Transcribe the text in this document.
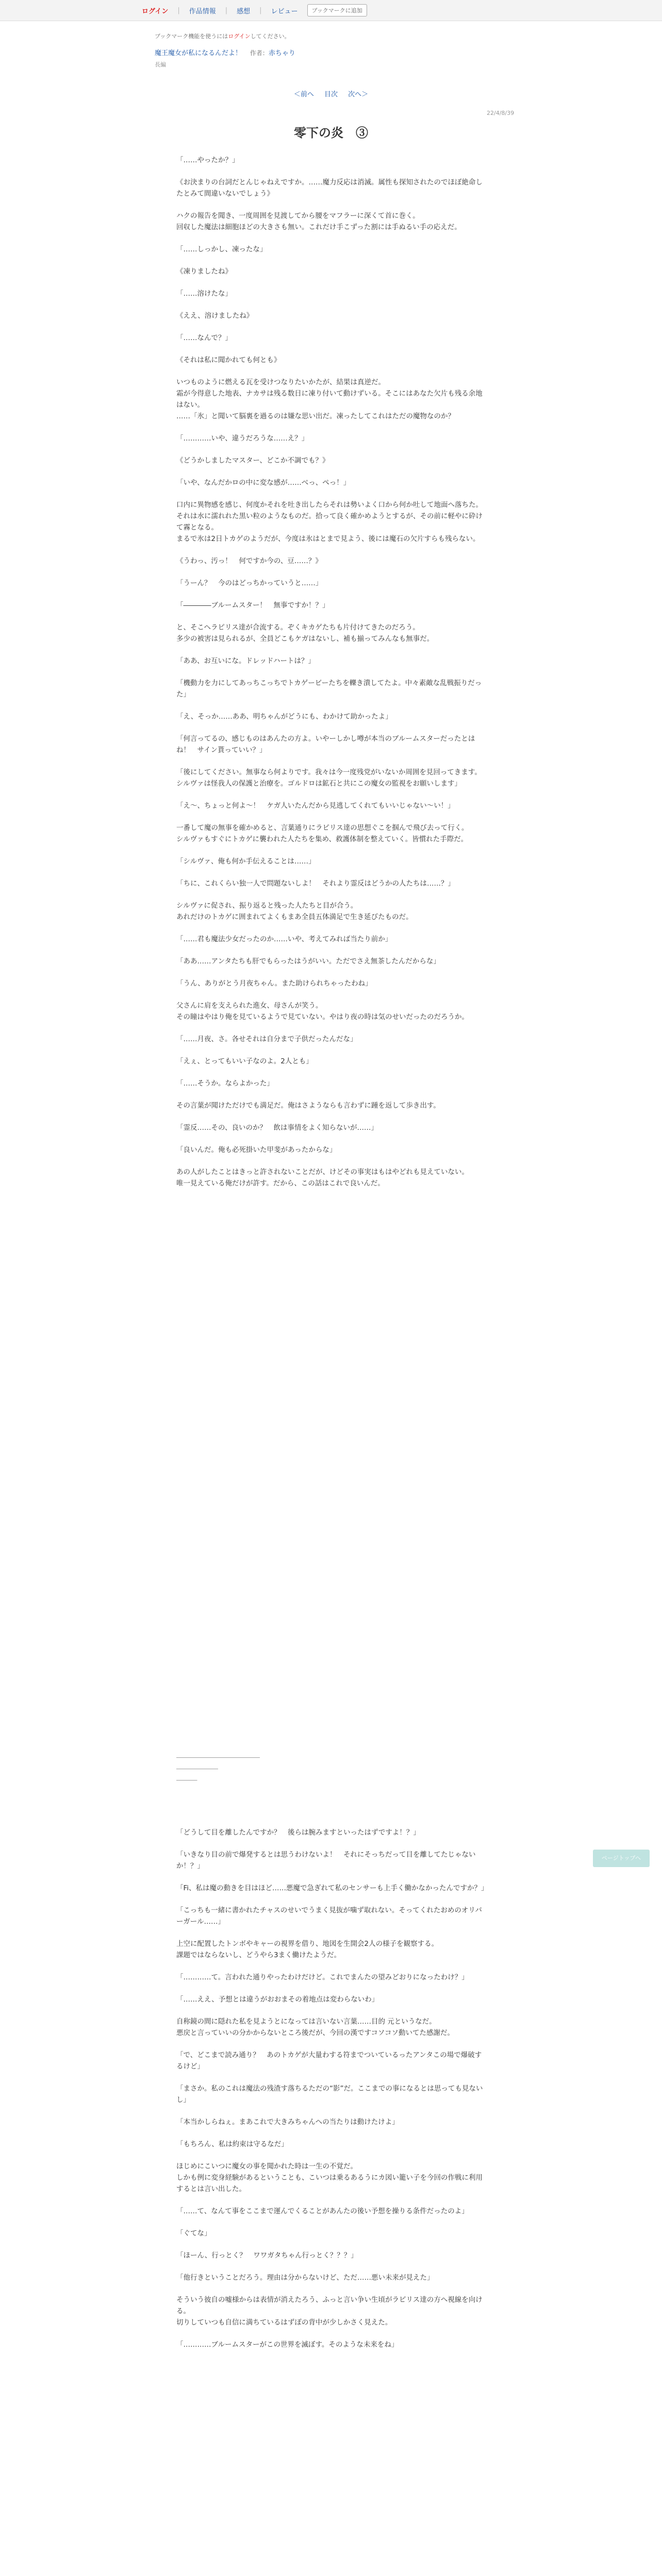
ログイン | 作品情報 | 感想 | レビュー	ブックマークに追加
ブックマーク機能を使うにはログインしてください。
魔王魔女が私になるんだよ！ 作者：赤ちゃり
長編
＜前へ 目次 次へ＞
22/4/8/39
零下の炎　③

「……やったか？」

《お決まりの台詞だとんじゃねえですか。……魔力反応は消滅。属性も探知されたのでほぼ絶命したとみて間違いないでしょう》

ハクの報告を聞き、一度周囲を見渡してから腰をマフラーに深くて首に巻く。
回収した魔法は細胞ほどの大きさも無い。これだけ手こずった割には手ぬるい手の応えだ。

「……しっかし、凍ったな」

《凍りましたね》

「……溶けたな」

《ええ、溶けましたね》

「……なんで？」

《それは私に聞かれても何とも》

いつものように燃える瓦を受けつなりたいかたが、結果は真逆だ。
霜が今得意した地表、ナカサは残る数日に凍り付いて動けずいる。そこにはあなた欠片も残る余地はない。
……「氷」と聞いて脳裏を過るのは嫌な思い出だ。凍ったしてこれはただの魔物なのか？

「…………いや、違うだろうな……え？」

《どうかしましたマスター、どこか不調でも？》

「いや、なんだかロの中に変な感が……べっ、ぺっ！」

口内に異物感を感じ、何度かそれを吐き出したらそれは勢いよく口から何か吐して地面へ落ちた。
それは水に濡れれた黒い粒のようなものだ。拾って良く確かめようとするが、その前に軽やに砕けて霧となる。
まるで氷は2日トカゲのようだが、今度は氷はとまで見よう、後には魔石の欠片すらも残らない。

《うわっ、汚っ！　何ですか今の、豆……？》

「うーん？　今のはどっちかっていうと……」

「――――ブルームスター！　無事ですか！？」

と、そこへラピリス達が合流する。ぞくキカゲたちも片付けてきたのだろう。
多少の被害は見られるが、全員どこもケガはないし、補も揃ってみんなも無事だ。

「ああ、お互いにな。ドレッドハートは？」

「機動力を力にしてあっちこっちでトカゲービーたちを轢き潰してたよ。中々素敵な乱戦振りだった」

「え、そっか……ああ、明ちゃんがどうにも、わかけて助かったよ」

「何言ってるの、感じものはあんたの方よ。いやーしかし噂が本当のブルームスターだったとはね！　サイン貰っていい？」

「後にしてください。無事なら何よりです。我々は今一度残党がいないか周囲を見回ってきます。シルヴァは怪我人の保護と治療を。ゴルドロは鉱石と共にこの魔女の監視をお願いします」

「え～、ちょっと何よ～！　ケガ人いたんだから見逃してくれてもいいじゃない～い！」

一番して魔の無事を確かめると、言葉通りにラピリス達の思想ぐこを掴んで飛び去って行く。
シルヴァもすぐにトカゲに襲われた人たちを集め、救護体制を整えていく。皆慣れた手際だ。

「シルヴァ、俺も何か手伝えることは……」

「ちに、これくらい独一人で問題ないしよ！　それより霊反はどうかの人たちは……？」

シルヴァに促され、振り返ると残った人たちと目が合う。
あれだけのトカゲに囲まれてよくもまあ全員五体満足で生き延びたものだ。

「……君も魔法少女だったのか……いや、考えてみれば当たり前か」

「ああ……アンタたちも肝でもらったはうがいい。ただでさえ無茶したんだからな」

「うん、ありがとう月夜ちゃん。また助けられちゃったわね」

父さんに肩を支えられた進女、母さんが笑う。
その瞳はやはり俺を見ているようで見ていない。やはり夜の時は気のせいだったのだろうか。

「……月夜、さ。各せそれは自分まで子供だったんだな」

「えぇ、とってもいい子なのよ。2人とも」

「……そうか。ならよかった」

その言葉が聞けただけでも満足だ。俺はさようならも言わずに踵を返して歩き出す。

「霊反……その、良いのか？　飲は事情をよく知らないが……」

「良いんだ。俺も必死掛いた甲斐があったからな」

あの人がしたことはきっと許されないことだが、けどその事実はもはやどれも見えていない。
唯一見えている俺だけが許す。だから、この話はこれで良いんだ。

――――――――――――

――――――

―――

「どうして目を離したんですか？　後らは腕みますといったはずですよ！？」

「いきなり目の前で爆発するとは思うわけないよ！　それにそっちだって目を離してたじゃないか！？」

「Fi、私は魔の動きを目はほど……悪魔で急ぎれて私のセンサーも上手く働かなかったんですか？」

「こっちも一緒に書かれたチャスのせいでうまく見抜が噛ず取れない。そってくれたおめのオリバーガール……」

上空に配置したトンボやキャーの視界を借り、地図を生開会2人の様子を観察する。
課題ではならないし、どうやら3まく働けたようだ。

「…………て。言われた通りやったわけだけど。これでまんたの望みどおりになったわけ？」

「……ええ、予想とは違うがおおまその着地点は変わらないわ」

自称鏡の間に隠れた私を見ようとになっては言いない言葉……目的 元というなだ。
悪戻と言っていいの分かからないところ後だが、今回の漢ですコソコソ動いてた感謝だ。

「で、どこまで読み通り？　あのトカゲが大量わする符までついているったアンタこの場で爆破するけど」

「まさか。私のこれは魔法の残渣す落ちるただの“影”だ。ここまでの事になるとは思っても見ないし」

「本当かしらねぇ。まあこれで大きみちゃんへの当たりは動けたけよ」

「もちろん、私は約束は守るなだ」

ほじめにこいつに魔女の事を聞かれた時は一生の不覚だ。
しかも例に変身経験があるということも、こいつは乗るあるうにカ図い籠い子を今回の作戦に利用するとは言い出した。

「……て、なんて事をここまで運んでくることがあんたの後い予想を操りる条件だったのよ」

「ぐてな」

「ほーん、行っとく？　ワワガタちゃん行っとく？？？」

「他行きということだろう。理由は分からないけど、ただ……悪い未来が見えた」

そういう彼自の嘘様からは表情が消えたろう、ふっと言い争い生頃がラピリス達の方へ視線を向ける。
切りしていつも自信に満ちているはずぽの背中が少しかさく見えた。

「…………ブルームスターがこの世界を滅ぼす。そのような未来をね」

ページトップへ
